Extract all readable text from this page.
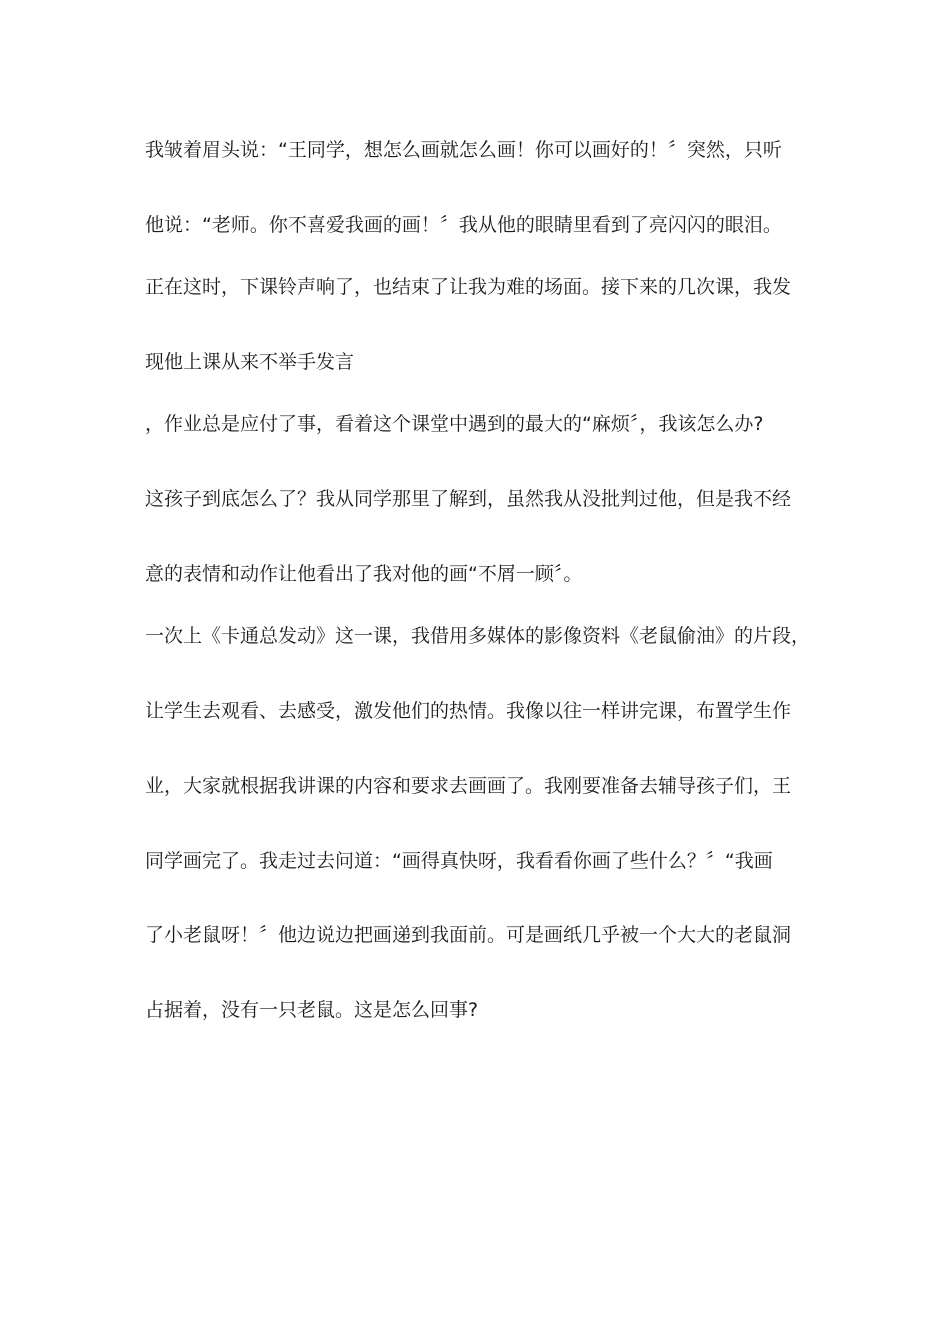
我皱着眉头说：“王同学，想怎么画就怎么画！你可以画好的！〞突然，只听
他说：“老师。你不喜爱我画的画！〞我从他的眼睛里看到了亮闪闪的眼泪。
正在这时，下课铃声响了，也结束了让我为难的场面。接下来的几次课，我发
现他上课从来不举手发言
，作业总是应付了事，看着这个课堂中遇到的最大的“麻烦〞，我该怎么办?
这孩子到底怎么了？我从同学那里了解到，虽然我从没批判过他，但是我不经
意的表情和动作让他看出了我对他的画“不屑一顾〞。
一次上《卡通总发动》这一课，我借用多媒体的影像资料《老鼠偷油》的片段，
让学生去观看、去感受，激发他们的热情。我像以往一样讲完课，布置学生作
业，大家就根据我讲课的内容和要求去画画了。我刚要准备去辅导孩子们，王
同学画完了。我走过去问道：“画得真快呀，我看看你画了些什么？〞“我画
了小老鼠呀！〞他边说边把画递到我面前。可是画纸几乎被一个大大的老鼠洞
占据着，没有一只老鼠。这是怎么回事?
